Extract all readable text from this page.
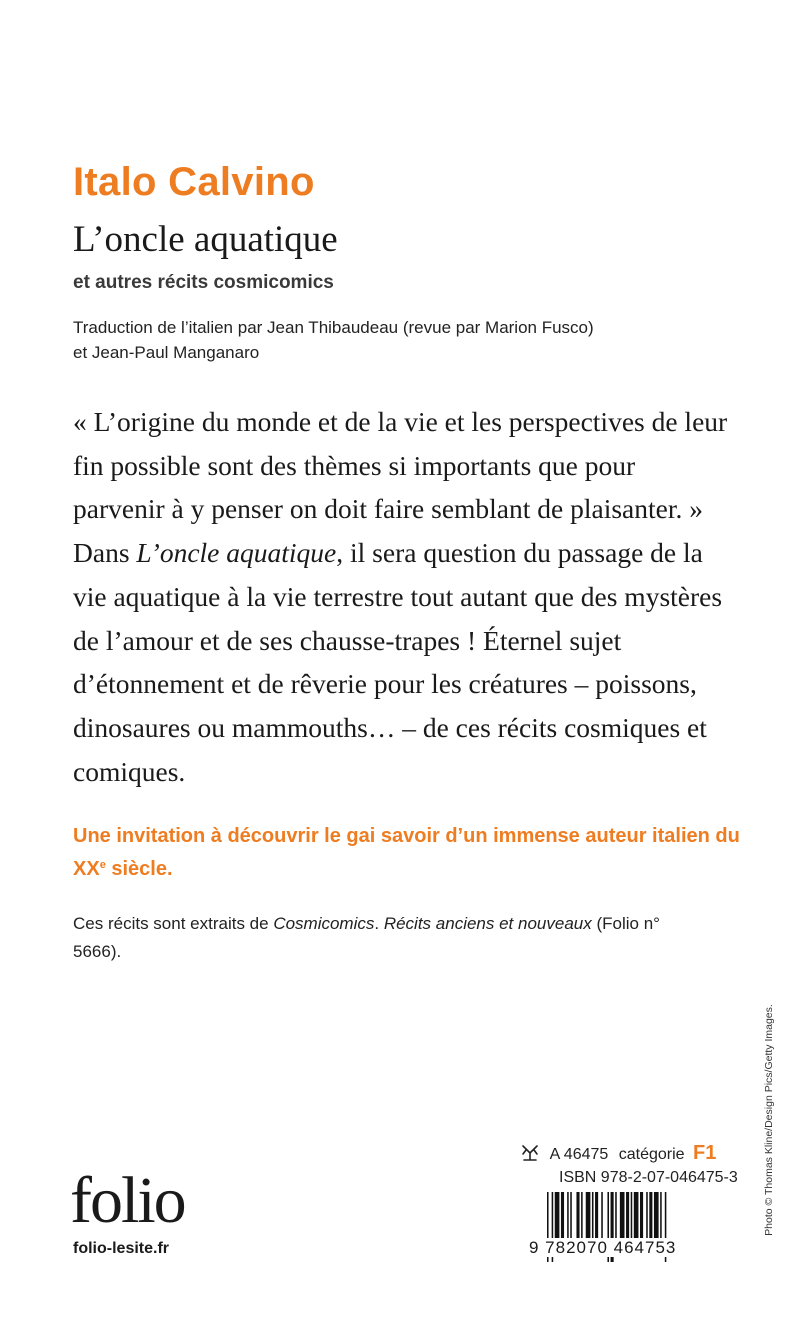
Italo Calvino
L’oncle aquatique
et autres récits cosmicomics
Traduction de l’italien par Jean Thibaudeau (revue par Marion Fusco)
et Jean-Paul Manganaro

« L’origine du monde et de la vie et les perspectives de leur fin possible sont des thèmes si importants que pour parvenir à y penser on doit faire semblant de plaisanter. »

Dans L’oncle aquatique, il sera question du passage de la vie aquatique à la vie terrestre tout autant que des mystères de l’amour et de ses chausse-trapes ! Éternel sujet d’étonnement et de rêverie pour les créatures – poissons, dinosaures ou mammouths… – de ces récits cosmiques et comiques.

Une invitation à découvrir le gai savoir d’un immense auteur italien du XXe siècle.
Ces récits sont extraits de Cosmicomics. Récits anciens et nouveaux (Folio n° 5666).
folio
folio-lesite.fr
A 46475 catégorie F1
ISBN 978-2-07-046475-3
9 782070 464753
Photo © Thomas Kline/Design Pics/Getty Images.
